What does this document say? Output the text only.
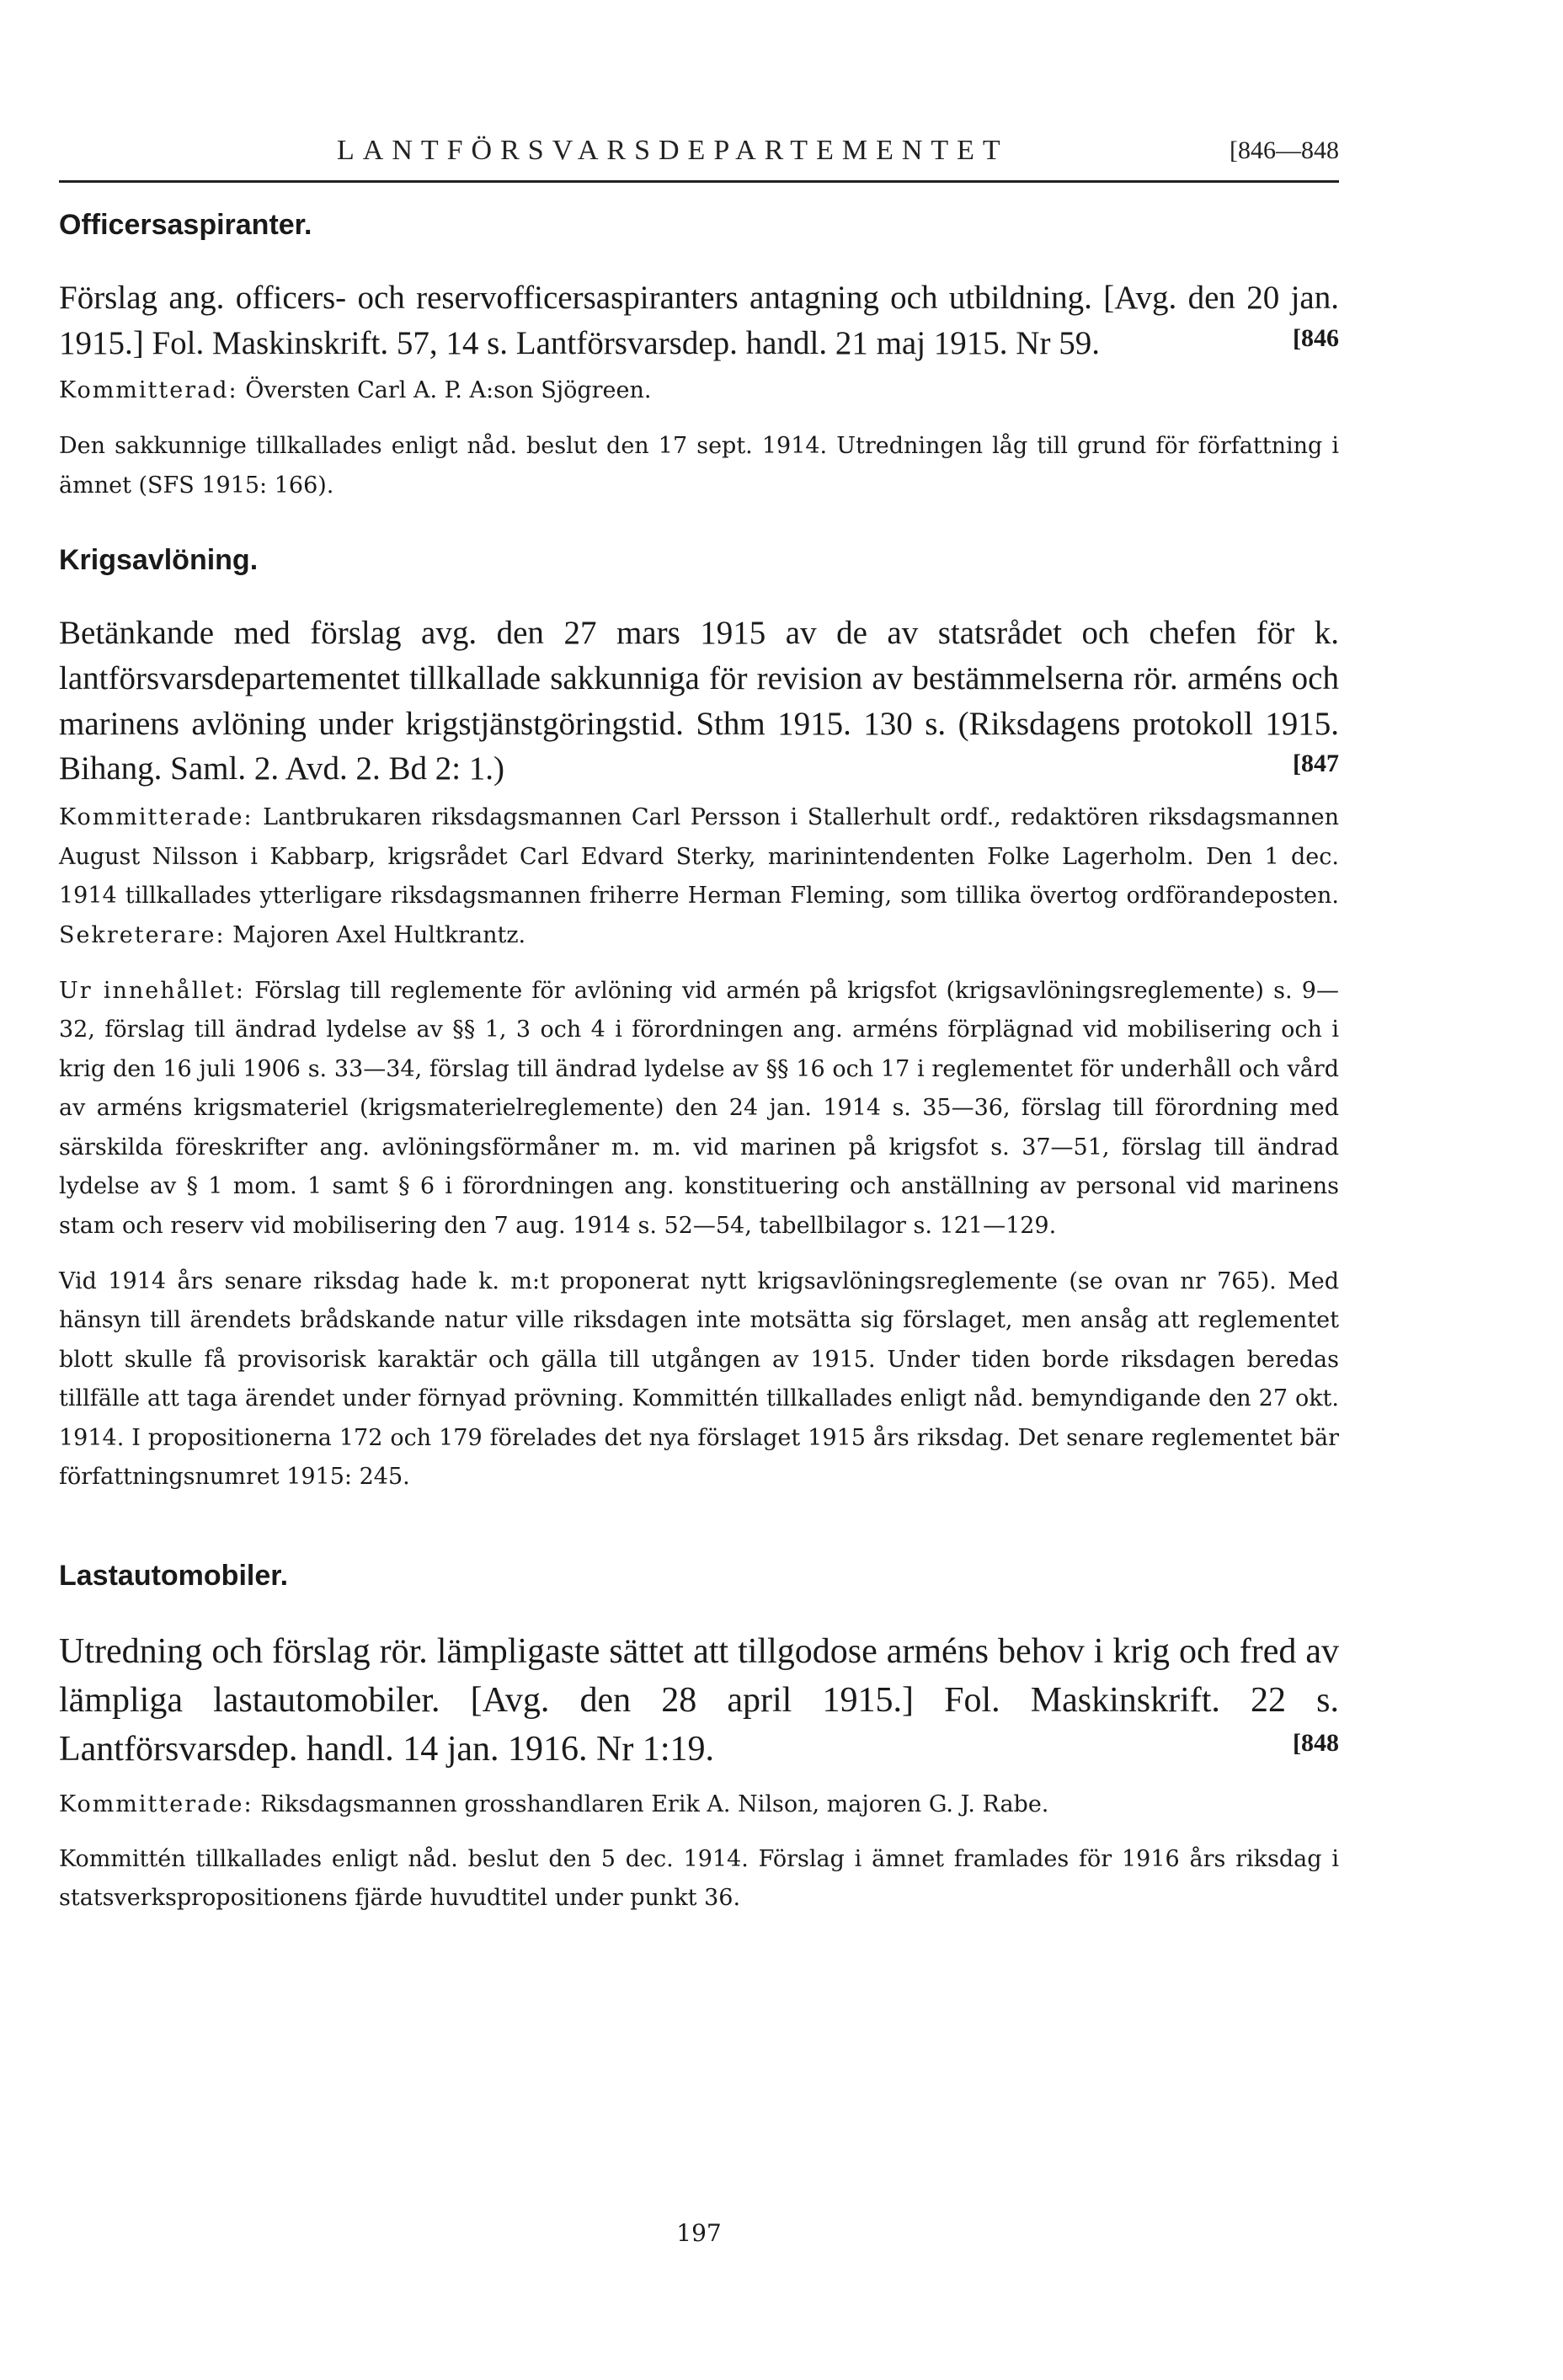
LANTFÖRSVARSDEPARTEMENTET	[846—848
Officersaspiranter.

Förslag ang. officers- och reservofficersaspiranters antagning och utbildning. [Avg. den 20 jan. 1915.] Fol. Maskinskrift. 57, 14 s. Lantförsvarsdep. handl. 21 maj 1915. Nr 59.	[846

Kommitterad: Översten Carl A. P. A:son Sjögreen.

Den sakkunnige tillkallades enligt nåd. beslut den 17 sept. 1914. Utredningen låg till grund för författning i ämnet (SFS 1915: 166).

Krigsavlöning.

Betänkande med förslag avg. den 27 mars 1915 av de av statsrådet och chefen för k. lantförsvarsdepartementet tillkallade sakkunniga för revision av bestämmelserna rör. arméns och marinens avlöning under krigstjänstgöringstid. Sthm 1915. 130 s. (Riksdagens protokoll 1915. Bihang. Saml. 2. Avd. 2. Bd 2: 1.)	[847

Kommitterade: Lantbrukaren riksdagsmannen Carl Persson i Stallerhult ordf., redaktören riksdagsmannen August Nilsson i Kabbarp, krigsrådet Carl Edvard Sterky, marinintendenten Folke Lagerholm. Den 1 dec. 1914 tillkallades ytterligare riksdagsmannen friherre Herman Fleming, som tillika övertog ordförandeposten. Sekreterare: Majoren Axel Hultkrantz.

Ur innehållet: Förslag till reglemente för avlöning vid armén på krigsfot (krigsavlöningsreglemente) s. 9—32, förslag till ändrad lydelse av §§ 1, 3 och 4 i förordningen ang. arméns förplägnad vid mobilisering och i krig den 16 juli 1906 s. 33—34, förslag till ändrad lydelse av §§ 16 och 17 i reglementet för underhåll och vård av arméns krigsmateriel (krigsmaterielreglemente) den 24 jan. 1914 s. 35—36, förslag till förordning med särskilda föreskrifter ang. avlöningsförmåner m. m. vid marinen på krigsfot s. 37—51, förslag till ändrad lydelse av § 1 mom. 1 samt § 6 i förordningen ang. konstituering och anställning av personal vid marinens stam och reserv vid mobilisering den 7 aug. 1914 s. 52—54, tabellbilagor s. 121—129.

Vid 1914 års senare riksdag hade k. m:t proponerat nytt krigsavlöningsreglemente (se ovan nr 765). Med hänsyn till ärendets brådskande natur ville riksdagen inte motsätta sig förslaget, men ansåg att reglementet blott skulle få provisorisk karaktär och gälla till utgången av 1915. Under tiden borde riksdagen beredas tillfälle att taga ärendet under förnyad prövning. Kommittén tillkallades enligt nåd. bemyndigande den 27 okt. 1914. I propositionerna 172 och 179 förelades det nya förslaget 1915 års riksdag. Det senare reglementet bär författningsnumret 1915: 245.

Lastautomobiler.

Utredning och förslag rör. lämpligaste sättet att tillgodose arméns behov i krig och fred av lämpliga lastautomobiler. [Avg. den 28 april 1915.] Fol. Maskinskrift. 22 s. Lantförsvarsdep. handl. 14 jan. 1916. Nr 1:19.	[848

Kommitterade: Riksdagsmannen grosshandlaren Erik A. Nilson, majoren G. J. Rabe.

Kommittén tillkallades enligt nåd. beslut den 5 dec. 1914. Förslag i ämnet framlades för 1916 års riksdag i statsverkspropositionens fjärde huvudtitel under punkt 36.

197
